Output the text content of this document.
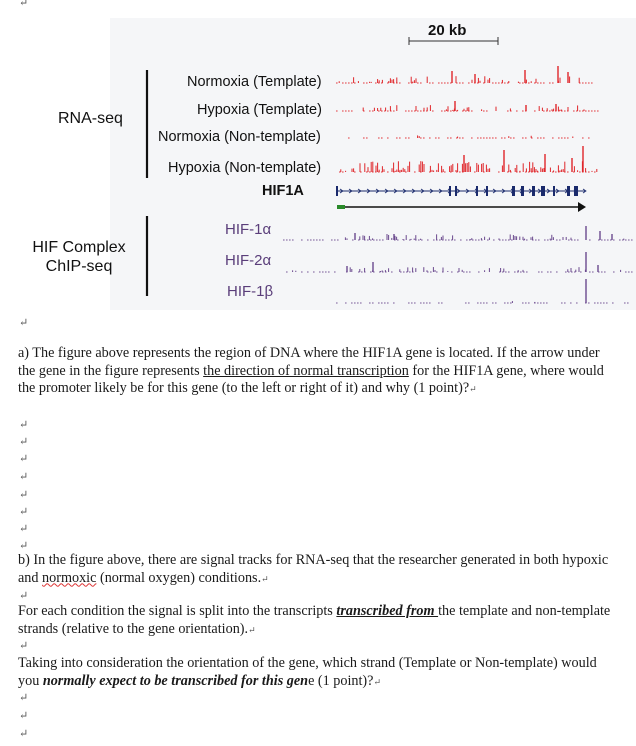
↵
↵
↵
↵
↵
↵
↵
↵
↵
↵
↵
↵
↵
↵
↵
20 kb
RNA-seq
HIF Complex
ChIP-seq
Normoxia (Template)
Hypoxia (Template)
Normoxia (Non-template)
Hypoxia (Non-template)
HIF1A
HIF-1α
HIF-2α
HIF-1β

a) The figure above represents the region of DNA where the HIF1A gene is located. If the arrow under the gene in the figure represents the direction of normal transcription for the HIF1A gene, where would the promoter likely be for this gene (to the left or right of it) and why (1 point)?↵

b) In the figure above, there are signal tracks for RNA-seq that the researcher generated in both hypoxic and normoxic (normal oxygen) conditions.↵

For each condition the signal is split into the transcripts transcribed from the template and non-template strands (relative to the gene orientation).↵

Taking into consideration the orientation of the gene, which strand (Template or Non-template) would you normally expect to be transcribed for this gene (1 point)?↵
